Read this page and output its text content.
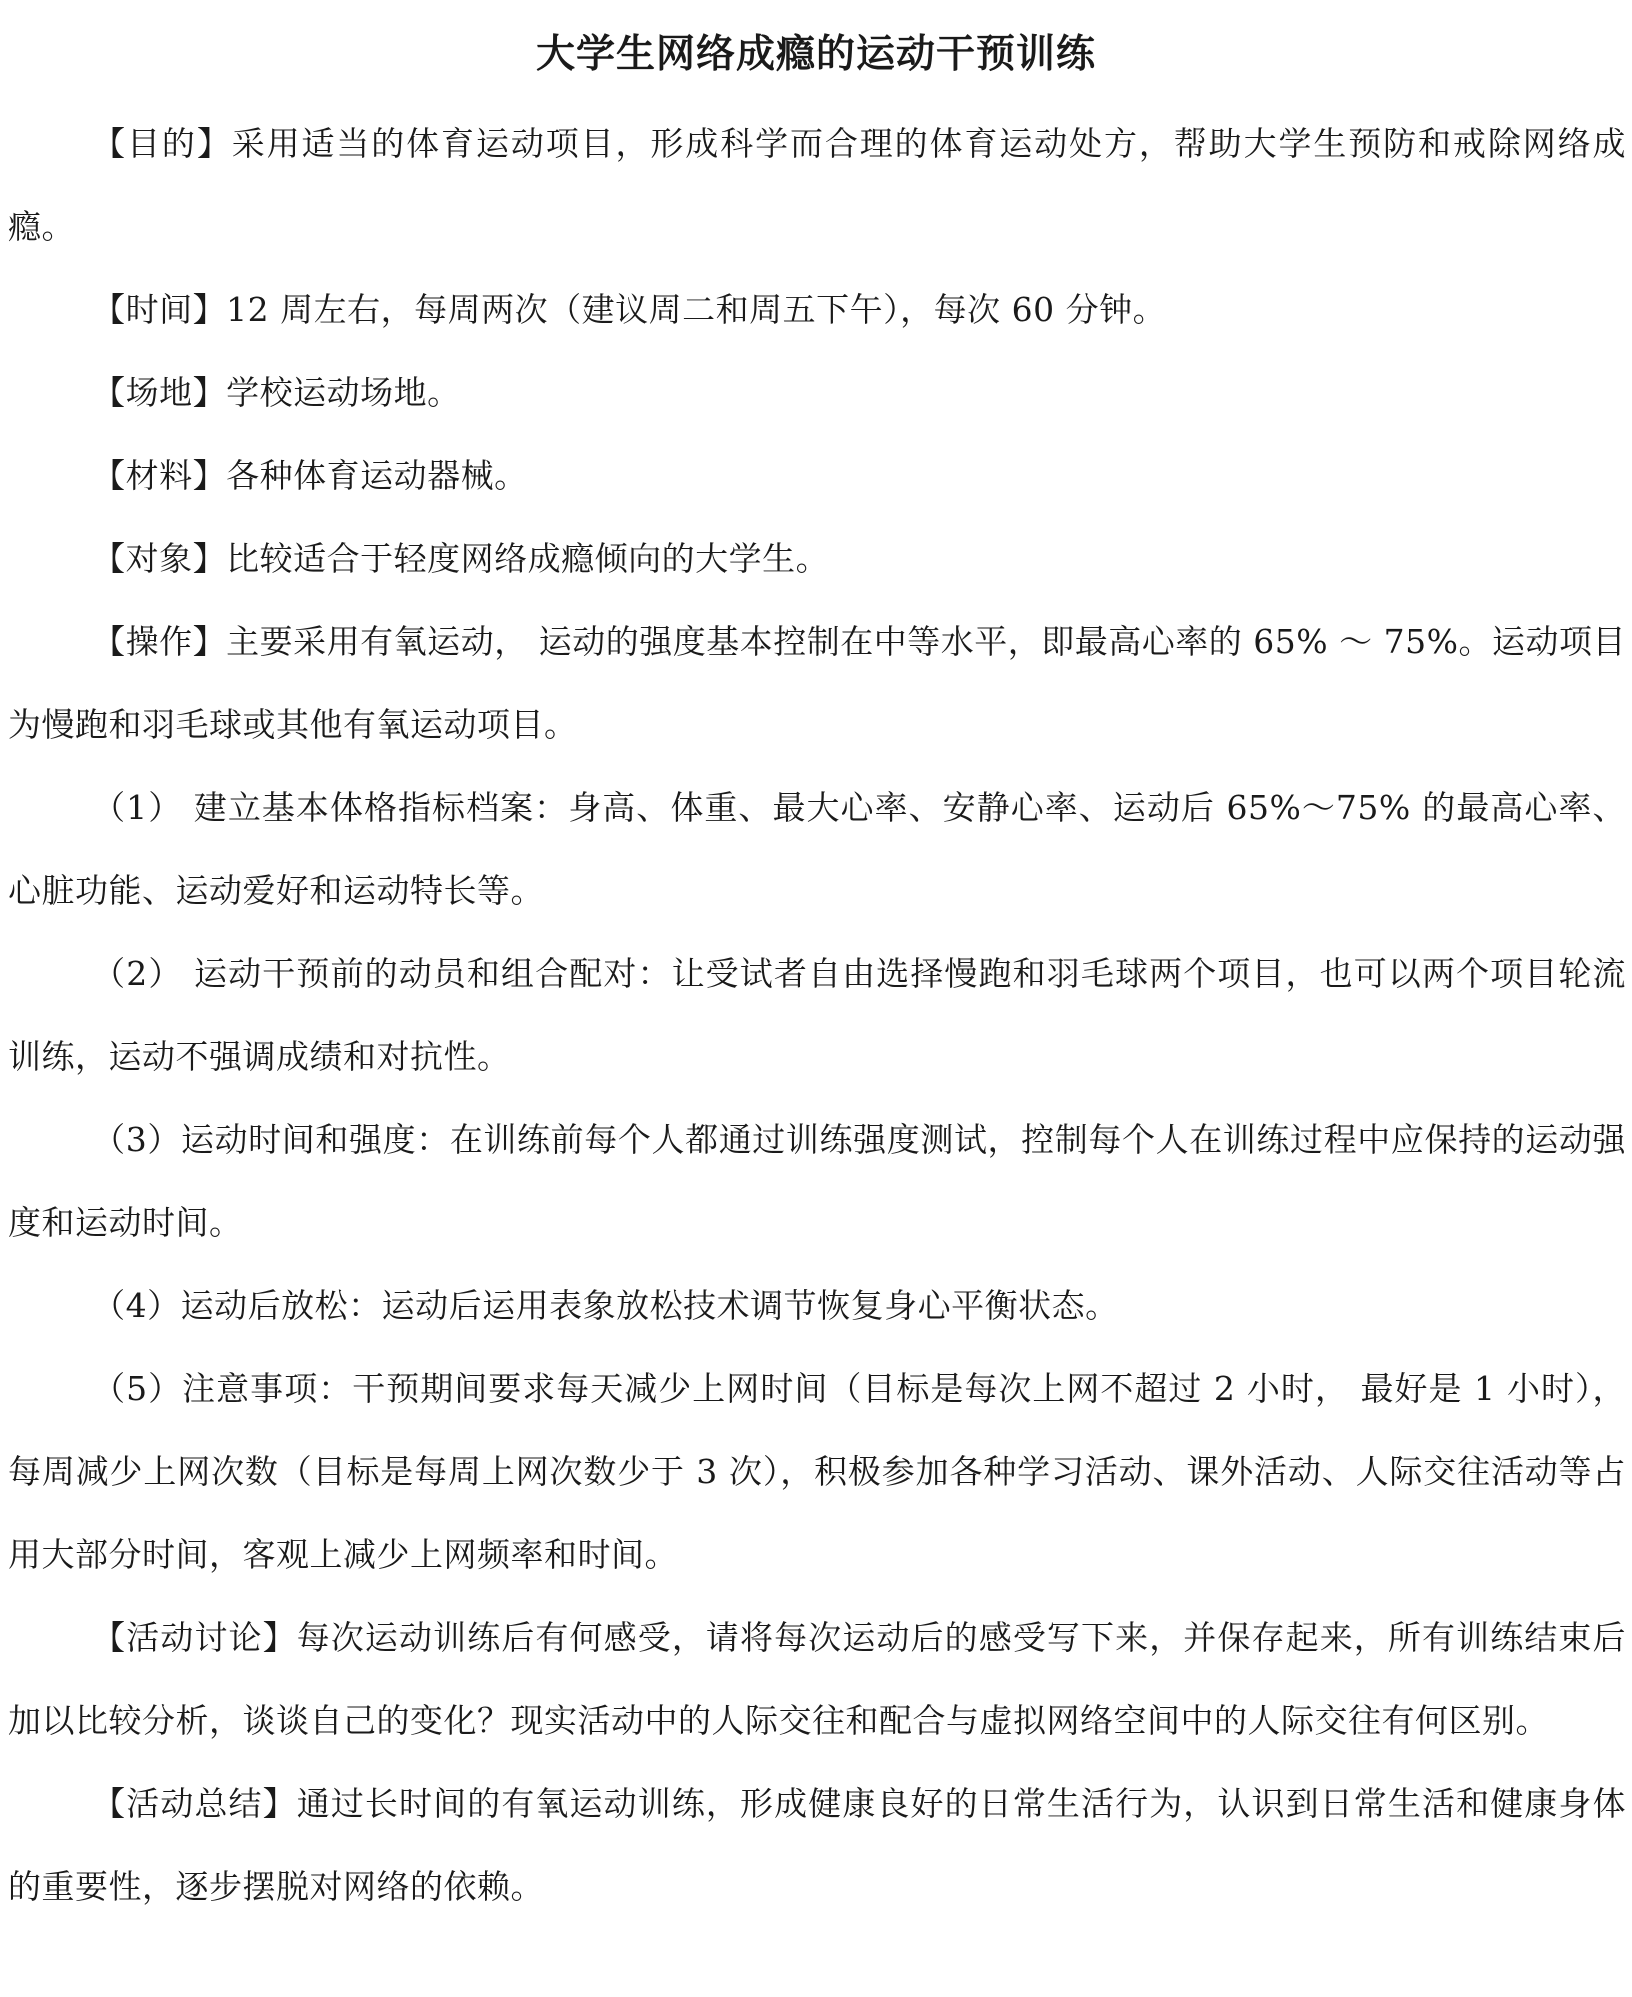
大学生网络成瘾的运动干预训练

【目的】采用适当的体育运动项目，形成科学而合理的体育运动处方，帮助大学生预防和戒除网络成瘾。

【时间】12 周左右，每周两次（建议周二和周五下午），每次 60 分钟。

【场地】学校运动场地。

【材料】各种体育运动器械。

【对象】比较适合于轻度网络成瘾倾向的大学生。

【操作】主要采用有氧运动， 运动的强度基本控制在中等水平，即最高心率的 65% ～ 75%。运动项目为慢跑和羽毛球或其他有氧运动项目。

（1） 建立基本体格指标档案：身高、体重、最大心率、安静心率、运动后 65%～75% 的最高心率、心脏功能、运动爱好和运动特长等。

（2） 运动干预前的动员和组合配对：让受试者自由选择慢跑和羽毛球两个项目，也可以两个项目轮流训练，运动不强调成绩和对抗性。

（3）运动时间和强度：在训练前每个人都通过训练强度测试，控制每个人在训练过程中应保持的运动强度和运动时间。

（4）运动后放松：运动后运用表象放松技术调节恢复身心平衡状态。

（5）注意事项：干预期间要求每天减少上网时间（目标是每次上网不超过 2 小时， 最好是 1 小时）， 每周减少上网次数（目标是每周上网次数少于 3 次），积极参加各种学习活动、课外活动、人际交往活动等占用大部分时间，客观上减少上网频率和时间。

【活动讨论】每次运动训练后有何感受，请将每次运动后的感受写下来，并保存起来，所有训练结束后加以比较分析，谈谈自己的变化？现实活动中的人际交往和配合与虚拟网络空间中的人际交往有何区别。

【活动总结】通过长时间的有氧运动训练，形成健康良好的日常生活行为，认识到日常生活和健康身体的重要性，逐步摆脱对网络的依赖。
